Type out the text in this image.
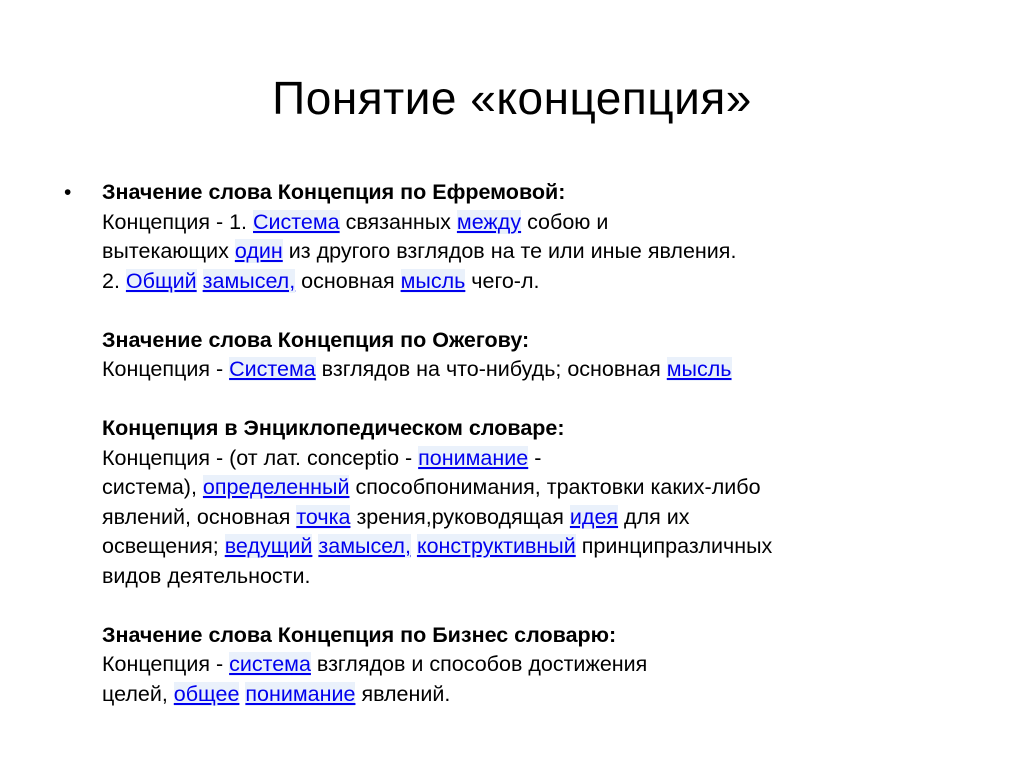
Понятие «концепция»
•	Значение слова Концепция по Ефремовой:
Концепция - 1. Система связанных между собою и
вытекающих один из другого взглядов на те или иные явления.
2. Общий замысел, основная мысль чего-л.
Значение слова Концепция по Ожегову:
Концепция - Система взглядов на что-нибудь; основная мысль
Концепция в Энциклопедическом словаре:
Концепция - (от лат. conceptio - понимание -
система), определенный способпонимания, трактовки каких-либо
явлений, основная точка зрения,руководящая идея для их
освещения; ведущий замысел, конструктивный принципразличных
видов деятельности.
Значение слова Концепция по Бизнес словарю:
Концепция - система взглядов и способов достижения
целей, общее понимание явлений.
